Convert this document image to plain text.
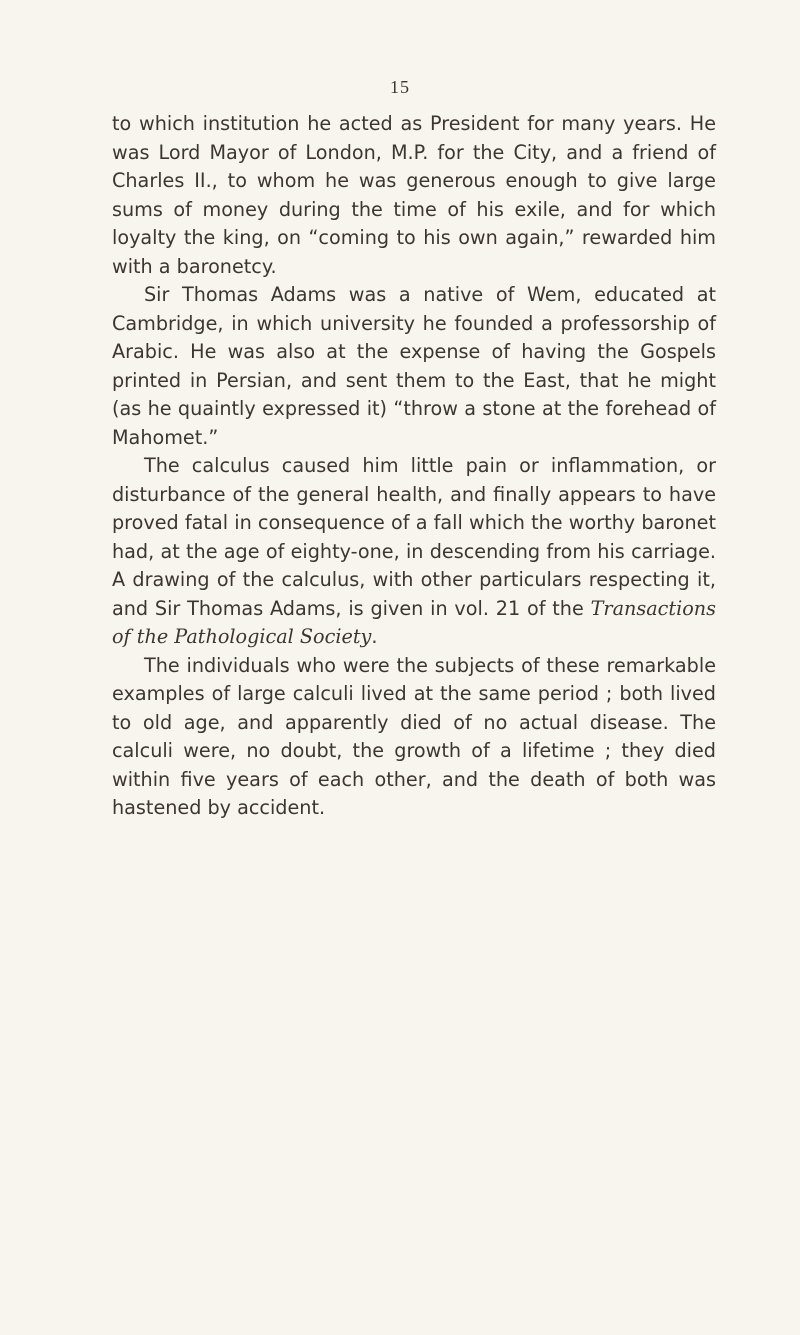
15

to which institution he acted as President for many years. He was Lord Mayor of London, M.P. for the City, and a friend of Charles II., to whom he was generous enough to give large sums of money during the time of his exile, and for which loyalty the king, on “coming to his own again,” rewarded him with a baronetcy.

Sir Thomas Adams was a native of Wem, educated at Cambridge, in which university he founded a professorship of Arabic. He was also at the expense of having the Gospels printed in Persian, and sent them to the East, that he might (as he quaintly expressed it) “throw a stone at the forehead of Mahomet.”

The calculus caused him little pain or inflammation, or disturbance of the general health, and finally appears to have proved fatal in consequence of a fall which the worthy baronet had, at the age of eighty-one, in descending from his carriage. A drawing of the calculus, with other particulars respecting it, and Sir Thomas Adams, is given in vol. 21 of the Transactions of the Pathological Society.

The individuals who were the subjects of these remarkable examples of large calculi lived at the same period ; both lived to old age, and apparently died of no actual disease. The calculi were, no doubt, the growth of a lifetime ; they died within five years of each other, and the death of both was hastened by accident.
